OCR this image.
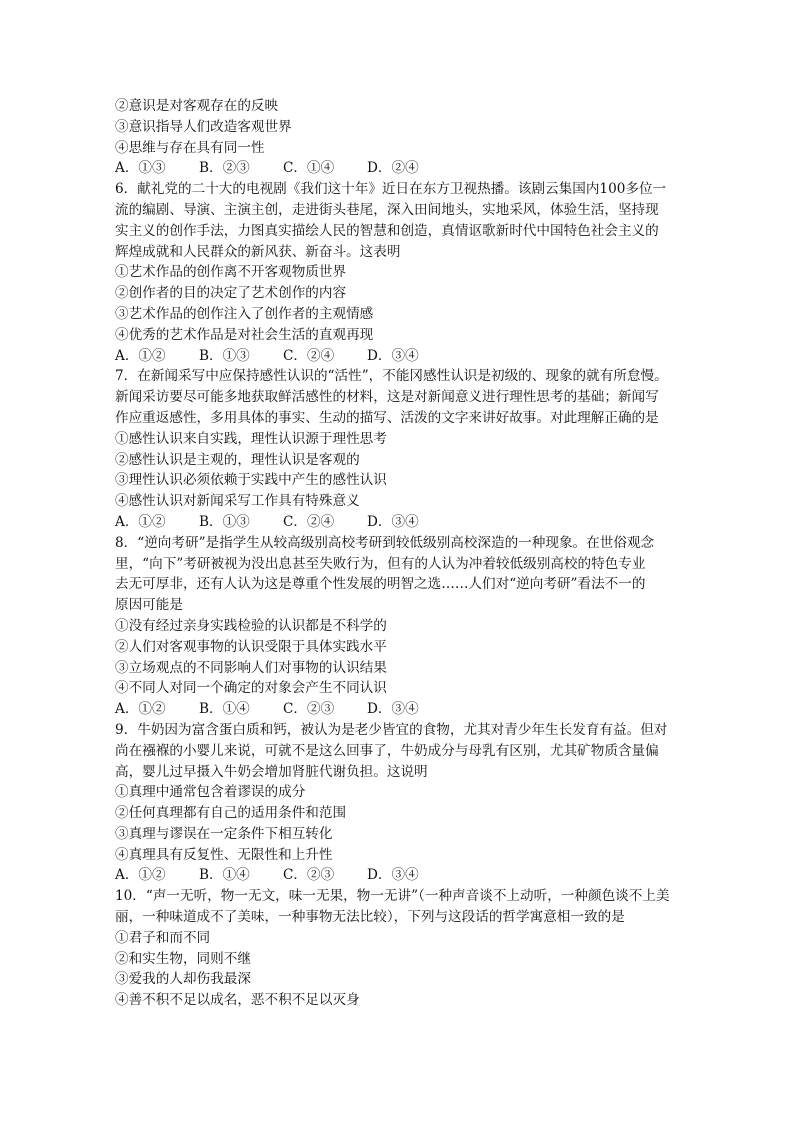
②意识是对客观存在的反映
③意识指导人们改造客观世界
④思维与存在具有同一性
A．①③	B．②③	C．①④	D．②④
6．献礼党的二十大的电视剧《我们这十年》近日在东方卫视热播。该剧云集国内100多位一
流的编剧、导演、主演主创，走进街头巷尾，深入田间地头，实地采风，体验生活，坚持现
实主义的创作手法，力图真实描绘人民的智慧和创造，真情讴歌新时代中国特色社会主义的
辉煌成就和人民群众的新风获、新奋斗。这表明
①艺术作品的创作离不开客观物质世界
②创作者的目的决定了艺术创作的内容
③艺术作品的创作注入了创作者的主观情感
④优秀的艺术作品是对社会生活的直观再现
A．①②	B．①③	C．②④	D．③④
7．在新闻采写中应保持感性认识的“活性”，不能冈感性认识是初级的、现象的就有所怠慢。
新闻采访要尽可能多地获取鲜活感性的材料，这是对新闻意义进行理性思考的基础；新闻写
作应重返感性，多用具体的事实、生动的描写、活泼的文字来讲好故事。对此理解正确的是
①感性认识来自实践，理性认识源于理性思考
②感性认识是主观的，理性认识是客观的
③理性认识必须依赖于实践中产生的感性认识
④感性认识对新闻采写工作具有特殊意义
A．①②	B．①③	C．②④	D．③④
8．“逆向考研”是指学生从较高级别高校考研到较低级别高校深造的一种现象。在世俗观念
里，“向下”考研被视为没出息甚至失败行为，但有的人认为冲着较低级别高校的特色专业
去无可厚非，还有人认为这是尊重个性发展的明智之选……人们对“逆向考研”看法不一的
原因可能是
①没有经过亲身实践检验的认识都是不科学的
②人们对客观事物的认识受限于具体实践水平
③立场观点的不同影响人们对事物的认识结果
④不同人对同一个确定的对象会产生不同认识
A．①②	B．①④	C．②③	D．③④
9．牛奶因为富含蛋白质和钙，被认为是老少皆宜的食物，尤其对青少年生长发育有益。但对
尚在襁褓的小婴儿来说，可就不是这么回事了，牛奶成分与母乳有区别，尤其矿物质含量偏
高，婴儿过早摄入牛奶会增加肾脏代谢负担。这说明
①真理中通常包含着谬误的成分
②任何真理都有自己的适用条件和范围
③真理与谬误在一定条件下相互转化
④真理具有反复性、无限性和上升性
A．①②	B．①④	C．②③	D．③④
10．“声一无听，物一无文，味一无果，物一无讲”（一种声音谈不上动听，一种颜色谈不上美
丽，一种味道成不了美味，一种事物无法比较），下列与这段话的哲学寓意相一致的是
①君子和而不同
②和实生物，同则不继
③爱我的人却伤我最深
④善不积不足以成名，恶不积不足以灭身
